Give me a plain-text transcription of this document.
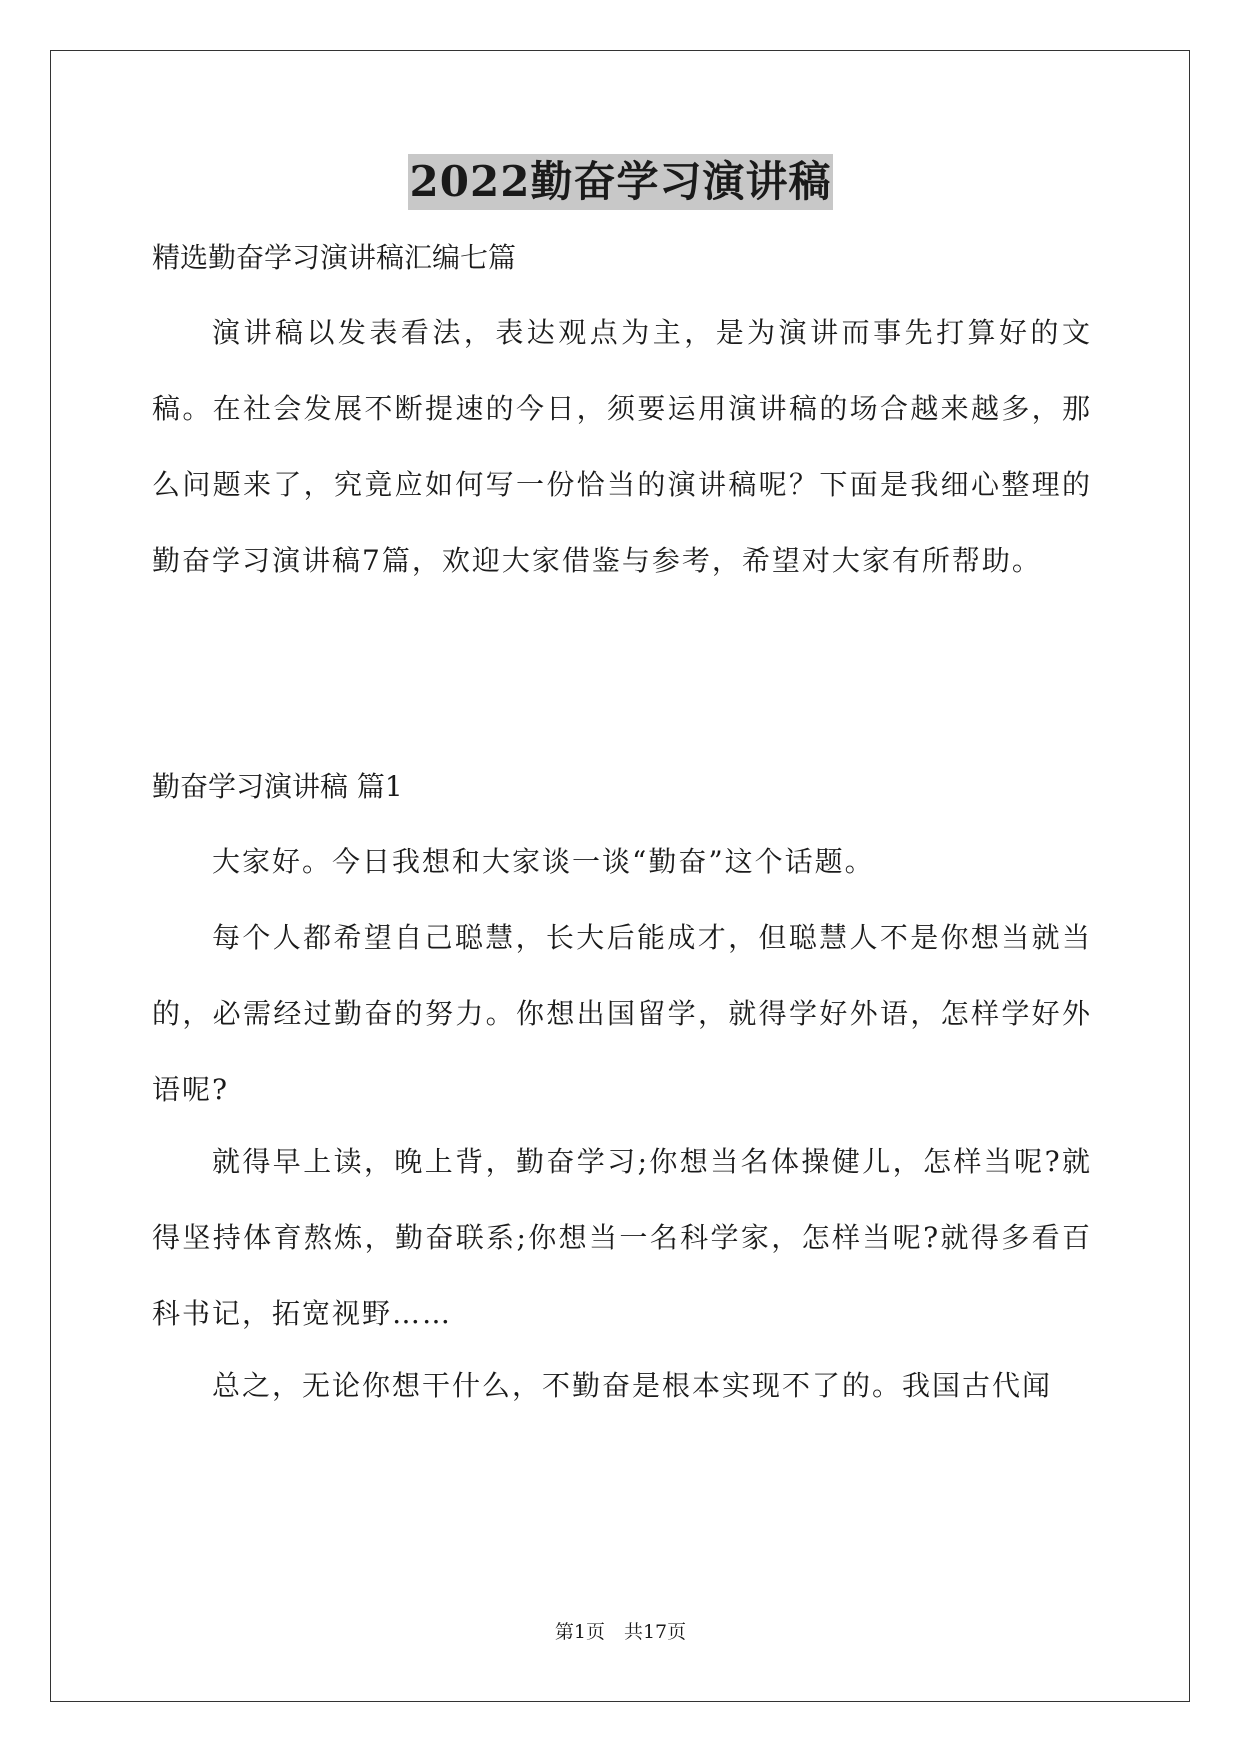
2022勤奋学习演讲稿

精选勤奋学习演讲稿汇编七篇

演讲稿以发表看法，表达观点为主，是为演讲而事先打算好的文稿。在社会发展不断提速的今日，须要运用演讲稿的场合越来越多，那么问题来了，究竟应如何写一份恰当的演讲稿呢？下面是我细心整理的勤奋学习演讲稿7篇，欢迎大家借鉴与参考，希望对大家有所帮助。

勤奋学习演讲稿 篇1

大家好。今日我想和大家谈一谈“勤奋”这个话题。

每个人都希望自己聪慧，长大后能成才，但聪慧人不是你想当就当的，必需经过勤奋的努力。你想出国留学，就得学好外语，怎样学好外语呢?

就得早上读，晚上背，勤奋学习;你想当名体操健儿，怎样当呢?就得坚持体育熬炼，勤奋联系;你想当一名科学家，怎样当呢?就得多看百科书记，拓宽视野……

总之，无论你想干什么，不勤奋是根本实现不了的。我国古代闻

第1页　共17页
